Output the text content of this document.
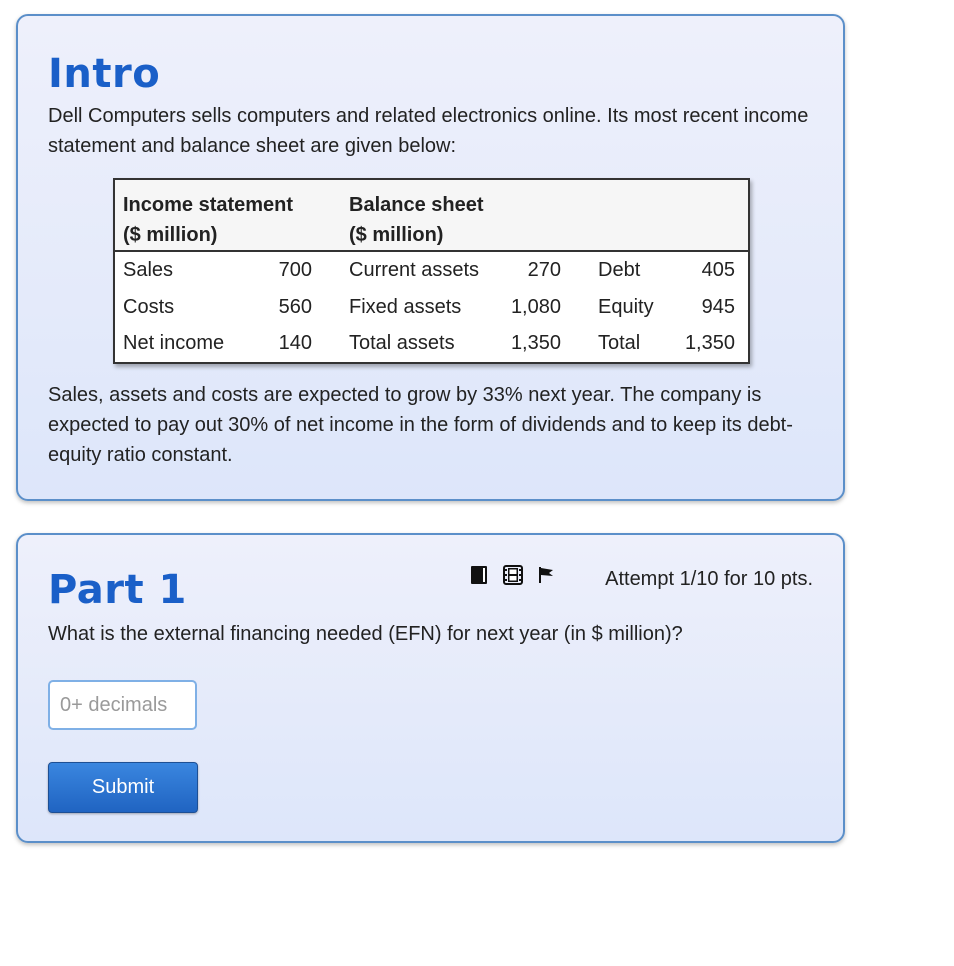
Intro

Dell Computers sells computers and related electronics online. Its most recent income statement and balance sheet are given below:

Income statement
($ million)
Balance sheet
($ million)
Sales	700 Current assets 270 Debt	405
Costs	560 Fixed assets 1,080 Equity 945
Net income	140 Total assets	1,350 Total 1,350

Sales, assets and costs are expected to grow by 33% next year. The company is expected to pay out 30% of net income in the form of dividends and to keep its debt-equity ratio constant.

Part 1	Attempt 1/10 for 10 pts.

What is the external financing needed (EFN) for next year (in $ million)?

0+ decimals
Submit
